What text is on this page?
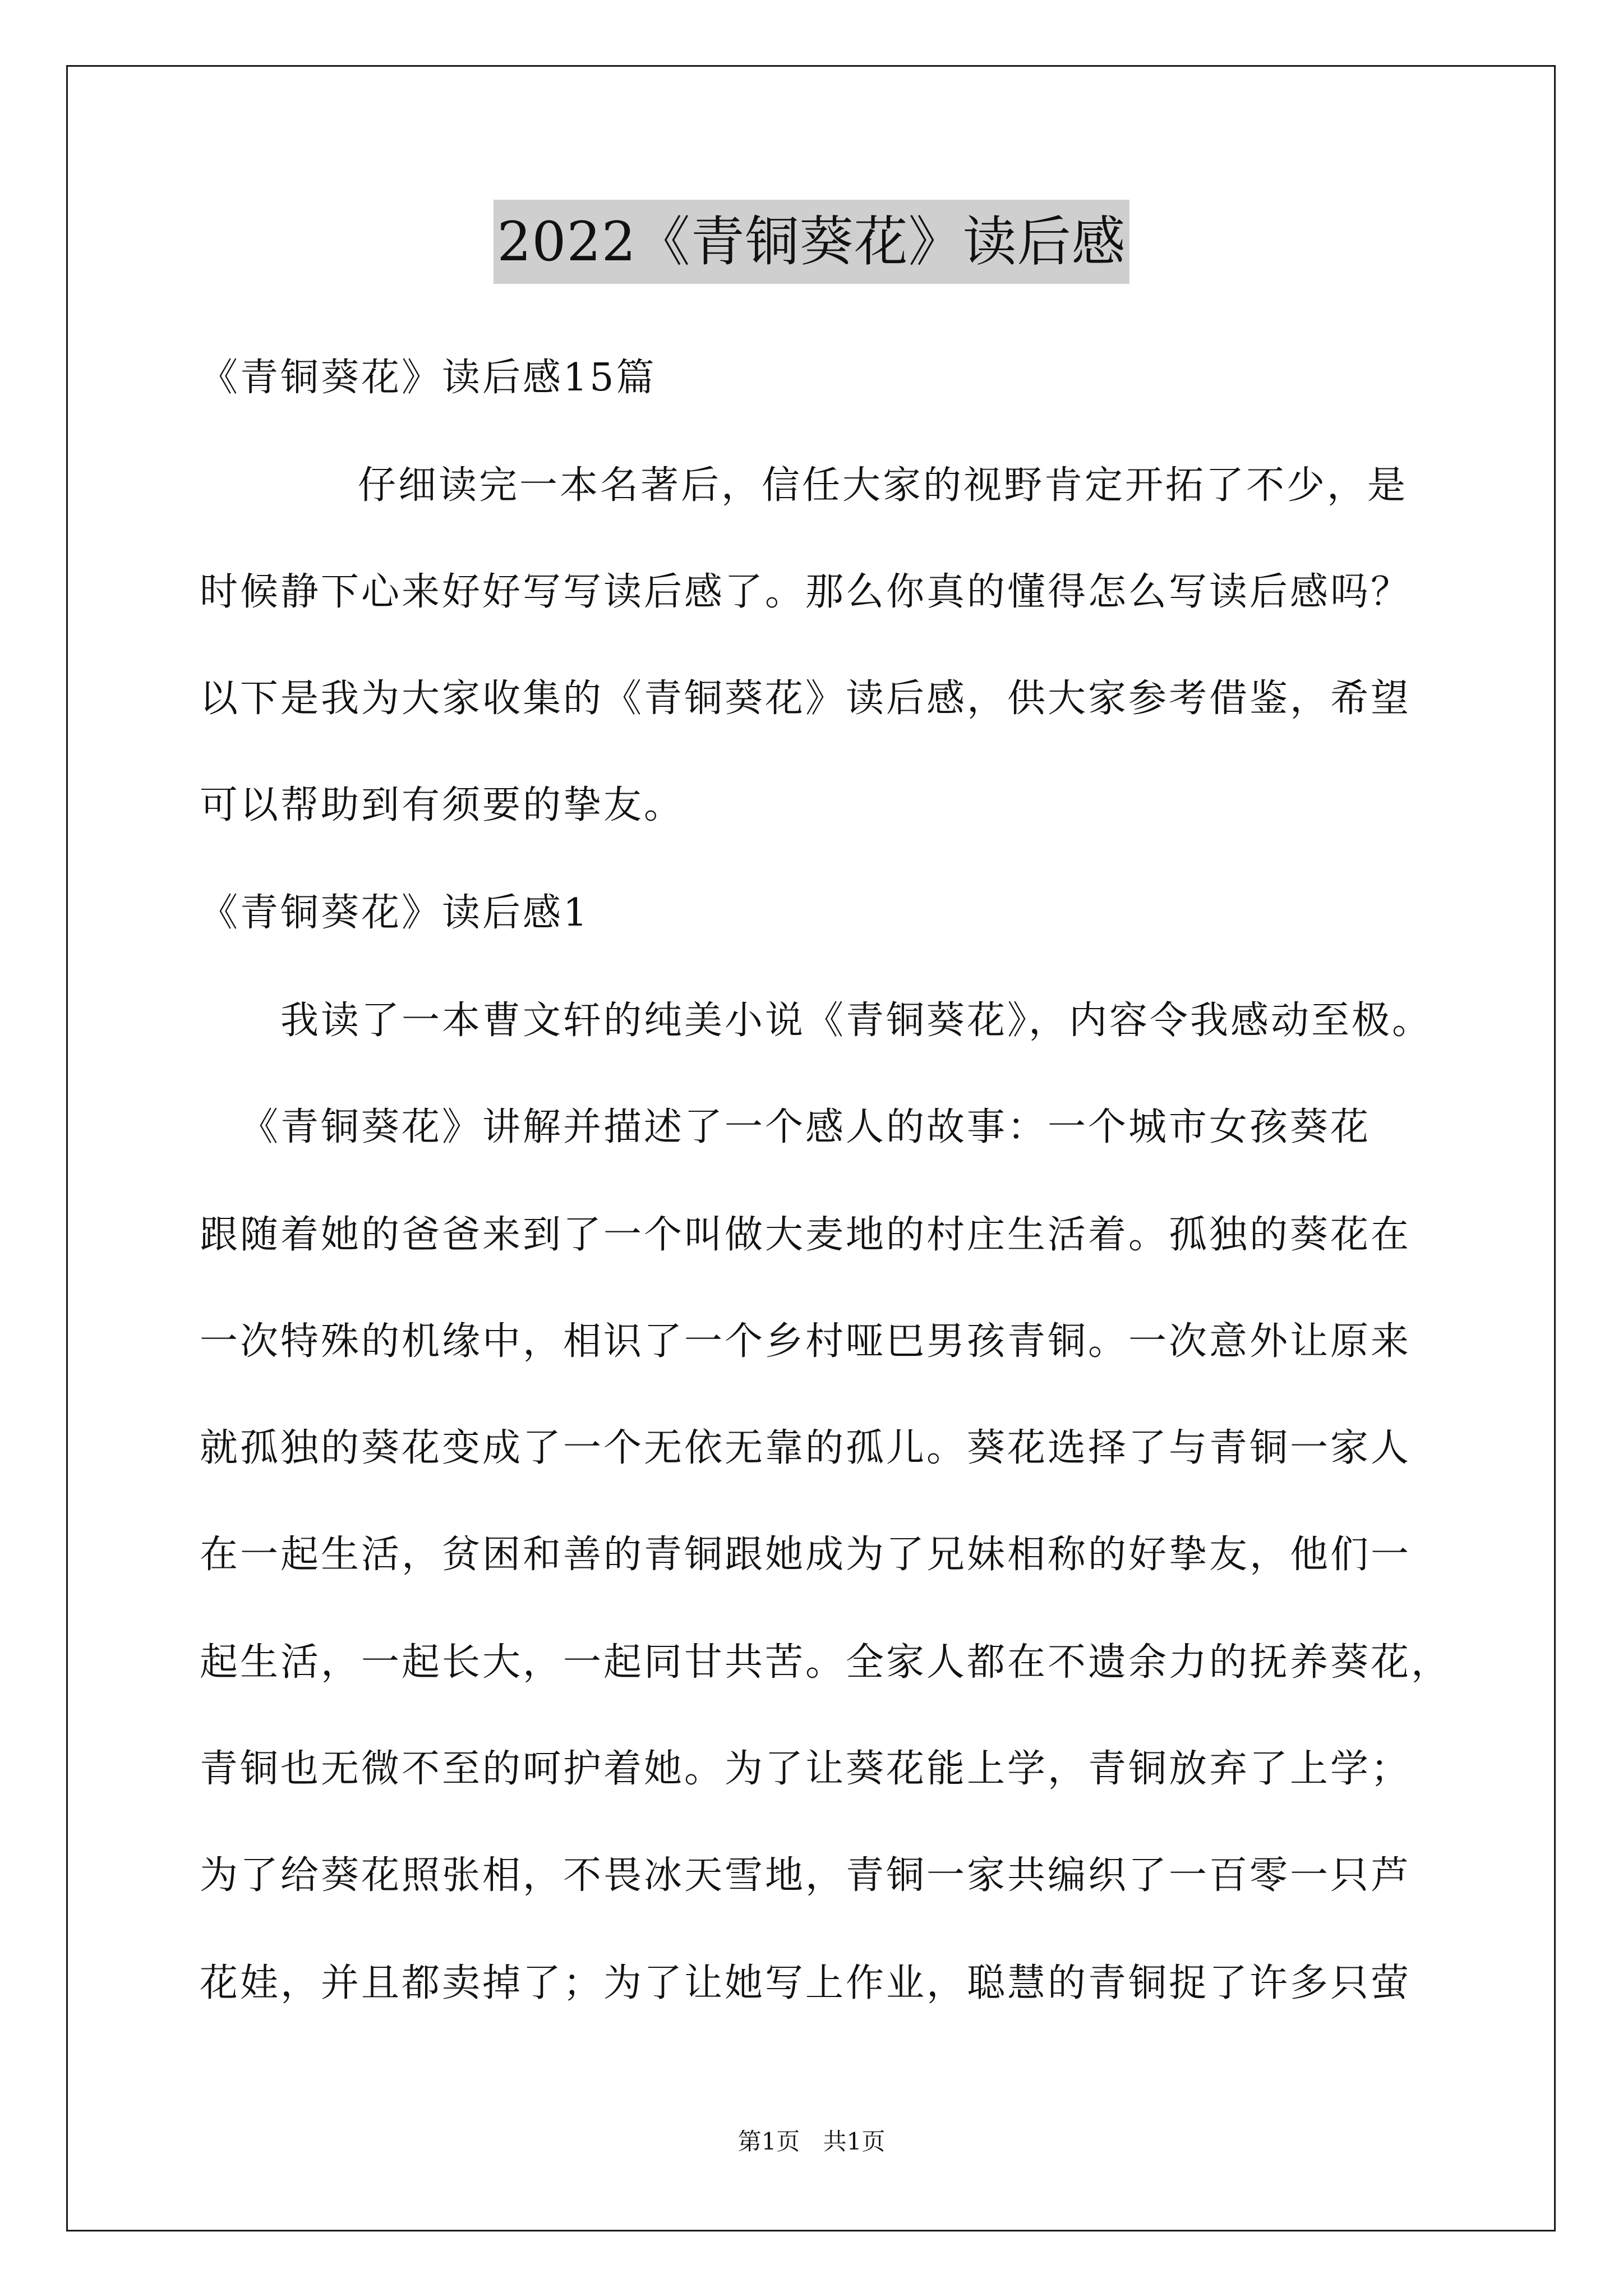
2022《青铜葵花》读后感
《青铜葵花》读后感15篇
仔细读完一本名著后，信任大家的视野肯定开拓了不少，是
时候静下心来好好写写读后感了。那么你真的懂得怎么写读后感吗？
以下是我为大家收集的《青铜葵花》读后感，供大家参考借鉴，希望
可以帮助到有须要的挚友。
《青铜葵花》读后感1
我读了一本曹文轩的纯美小说《青铜葵花》，内容令我感动至极。
《青铜葵花》讲解并描述了一个感人的故事：一个城市女孩葵花
跟随着她的爸爸来到了一个叫做大麦地的村庄生活着。孤独的葵花在
一次特殊的机缘中，相识了一个乡村哑巴男孩青铜。一次意外让原来
就孤独的葵花变成了一个无依无靠的孤儿。葵花选择了与青铜一家人
在一起生活，贫困和善的青铜跟她成为了兄妹相称的好挚友，他们一
起生活，一起长大，一起同甘共苦。全家人都在不遗余力的抚养葵花，
青铜也无微不至的呵护着她。为了让葵花能上学，青铜放弃了上学；
为了给葵花照张相，不畏冰天雪地，青铜一家共编织了一百零一只芦
花娃，并且都卖掉了；为了让她写上作业，聪慧的青铜捉了许多只萤
第1页 共1页
